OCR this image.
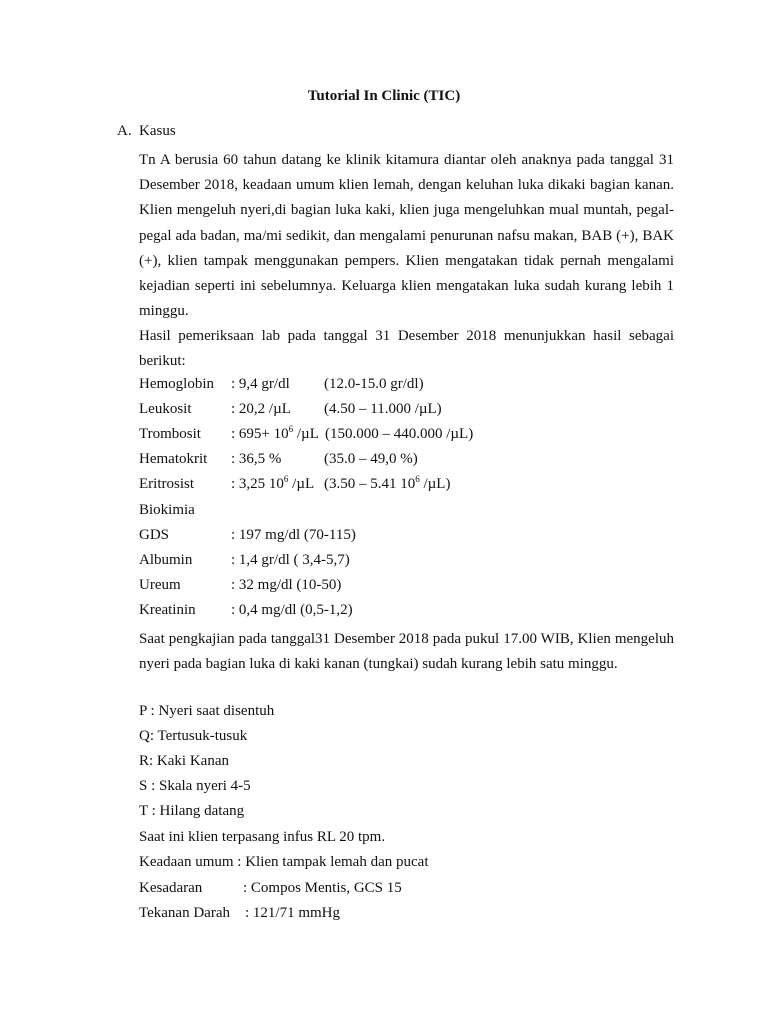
Tutorial In Clinic (TIC)
A. Kasus

Tn A berusia 60 tahun datang ke klinik kitamura diantar oleh anaknya pada tanggal 31 Desember 2018, keadaan umum klien lemah, dengan keluhan luka dikaki bagian kanan. Klien mengeluh nyeri,di bagian luka kaki, klien juga mengeluhkan mual muntah, pegal-pegal ada badan, ma/mi sedikit, dan mengalami penurunan nafsu makan, BAB (+), BAK (+), klien tampak menggunakan pempers. Klien mengatakan tidak pernah mengalami kejadian seperti ini sebelumnya. Keluarga klien mengatakan luka sudah kurang lebih 1 minggu.

Hasil pemeriksaan lab pada tanggal 31 Desember 2018 menunjukkan hasil sebagai berikut:

Hemoglobin : 9,4 gr/dl (12.0-15.0 gr/dl)
Leukosit	: 20,2 /µL (4.50 – 11.000 /µL)
Trombosit : $695+ 10^6$ /µL (150.000 – 440.000 /µL)
Hematokrit : 36,5 %	(35.0 – 49,0 %)
Eritrosist : 3,25 $10^6$ /µL (3.50 – 5.41 $10^6$ /µL)
Biokimia
GDS	: 197 mg/dl (70-115)
Albumin	: 1,4 gr/dl ( 3,4-5,7)
Ureum	: 32 mg/dl (10-50)
Kreatinin : 0,4 mg/dl (0,5-1,2)

Saat pengkajian pada tanggal31 Desember 2018 pada pukul 17.00 WIB, Klien mengeluh nyeri pada bagian luka di kaki kanan (tungkai) sudah kurang lebih satu minggu.

P : Nyeri saat disentuh
Q: Tertusuk-tusuk
R: Kaki Kanan
S : Skala nyeri 4-5
T : Hilang datang
Saat ini klien terpasang infus RL 20 tpm.
Keadaan umum : Klien tampak lemah dan pucat
Kesadaran	: Compos Mentis, GCS 15
Tekanan Darah : 121/71 mmHg
